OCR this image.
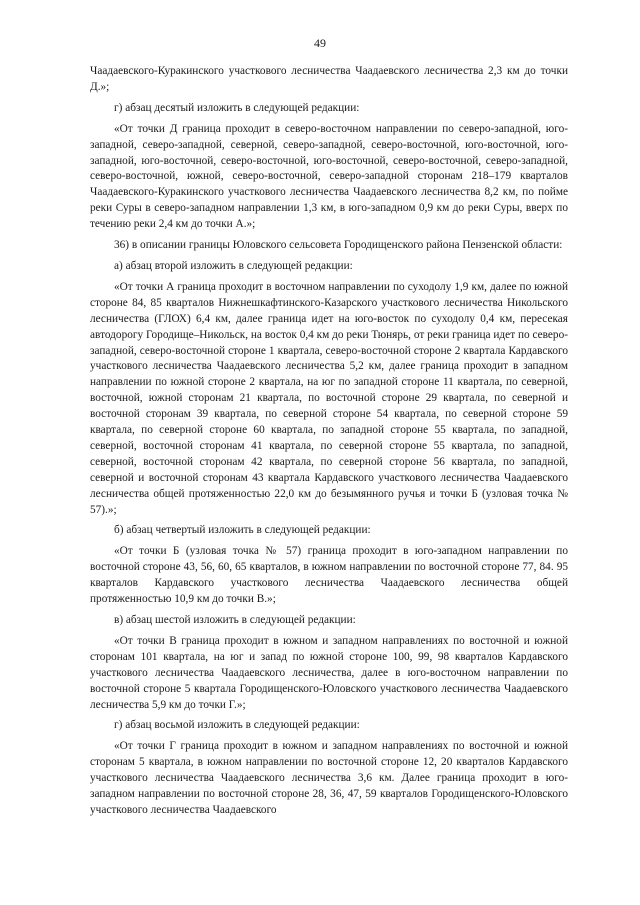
49

Чаадаевского-Куракинского участкового лесничества Чаадаевского лесничества 2,3 км до точки Д.»;

г) абзац десятый изложить в следующей редакции:

«От точки Д граница проходит в северо-восточном направлении по северо-западной, юго-западной, северо-западной, северной, северо-западной, северо-восточной, юго-восточной, юго-западной, юго-восточной, северо-восточной, юго-восточной, северо-восточной, северо-западной, северо-восточной, южной, северо-восточной, северо-западной сторонам 218–179 кварталов Чаадаевского-Куракинского участкового лесничества Чаадаевского лесничества 8,2 км, по пойме реки Суры в северо-западном направлении 1,3 км, в юго-западном 0,9 км до реки Суры, вверх по течению реки 2,4 км до точки А.»;

36) в описании границы Юловского сельсовета Городищенского района Пензенской области:

а) абзац второй изложить в следующей редакции:

«От точки А граница проходит в восточном направлении по суходолу 1,9 км, далее по южной стороне 84, 85 кварталов Нижнешкафтинского-Казарского участкового лесничества Никольского лесничества (ГЛОХ) 6,4 км, далее граница идет на юго-восток по суходолу 0,4 км, пересекая автодорогу Городище–Никольск, на восток 0,4 км до реки Тюнярь, от реки граница идет по северо-западной, северо-восточной стороне 1 квартала, северо-восточной стороне 2 квартала Кардавского участкового лесничества Чаадаевского лесничества 5,2 км, далее граница проходит в западном направлении по южной стороне 2 квартала, на юг по западной стороне 11 квартала, по северной, восточной, южной сторонам 21 квартала, по восточной стороне 29 квартала, по северной и восточной сторонам 39 квартала, по северной стороне 54 квартала, по северной стороне 59 квартала, по северной стороне 60 квартала, по западной стороне 55 квартала, по западной, северной, восточной сторонам 41 квартала, по северной стороне 55 квартала, по западной, северной, восточной сторонам 42 квартала, по северной стороне 56 квартала, по западной, северной и восточной сторонам 43 квартала Кардавского участкового лесничества Чаадаевского лесничества общей протяженностью 22,0 км до безымянного ручья и точки Б (узловая точка № 57).»;

б) абзац четвертый изложить в следующей редакции:

«От точки Б (узловая точка № 57) граница проходит в юго-западном направлении по восточной стороне 43, 56, 60, 65 кварталов, в южном направлении по восточной стороне 77, 84. 95 кварталов Кардавского участкового лесничества Чаадаевского лесничества общей протяженностью 10,9 км до точки В.»;

в) абзац шестой изложить в следующей редакции:

«От точки В граница проходит в южном и западном направлениях по восточной и южной сторонам 101 квартала, на юг и запад по южной стороне 100, 99, 98 кварталов Кардавского участкового лесничества Чаадаевского лесничества, далее в юго-восточном направлении по восточной стороне 5 квартала Городищенского-Юловского участкового лесничества Чаадаевского лесничества 5,9 км до точки Г.»;

г) абзац восьмой изложить в следующей редакции:

«От точки Г граница проходит в южном и западном направлениях по восточной и южной сторонам 5 квартала, в южном направлении по восточной стороне 12, 20 кварталов Кардавского участкового лесничества Чаадаевского лесничества 3,6 км. Далее граница проходит в юго-западном направлении по восточной стороне 28, 36, 47, 59 кварталов Городищенского-Юловского участкового лесничества Чаадаевского
